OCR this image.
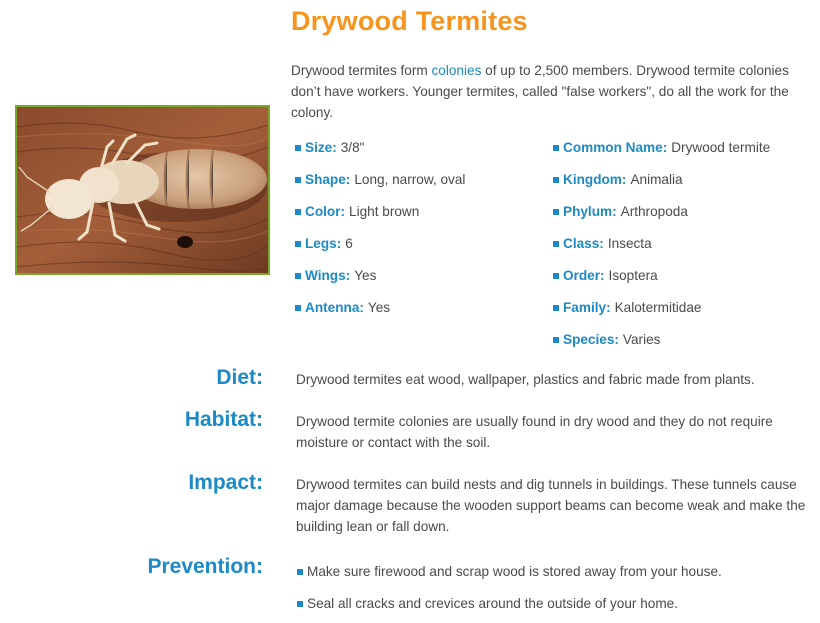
Drywood Termites
Drywood termites form colonies of up to 2,500 members. Drywood termite colonies don’t have workers. Younger termites, called "false workers", do all the work for the colony.
Size: 3/8"
Shape: Long, narrow, oval
Color: Light brown
Legs: 6
Wings: Yes
Antenna: Yes
Common Name: Drywood termite
Kingdom: Animalia
Phylum: Arthropoda
Class: Insecta
Order: Isoptera
Family: Kalotermitidae
Species: Varies
Diet: Drywood termites eat wood, wallpaper, plastics and fabric made from plants.
Habitat: Drywood termite colonies are usually found in dry wood and they do not require moisture or contact with the soil.
Impact: Drywood termites can build nests and dig tunnels in buildings. These tunnels cause major damage because the wooden support beams can become weak and make the building lean or fall down.
Prevention:	Make sure firewood and scrap wood is stored away from your house.
Seal all cracks and crevices around the outside of your home.
